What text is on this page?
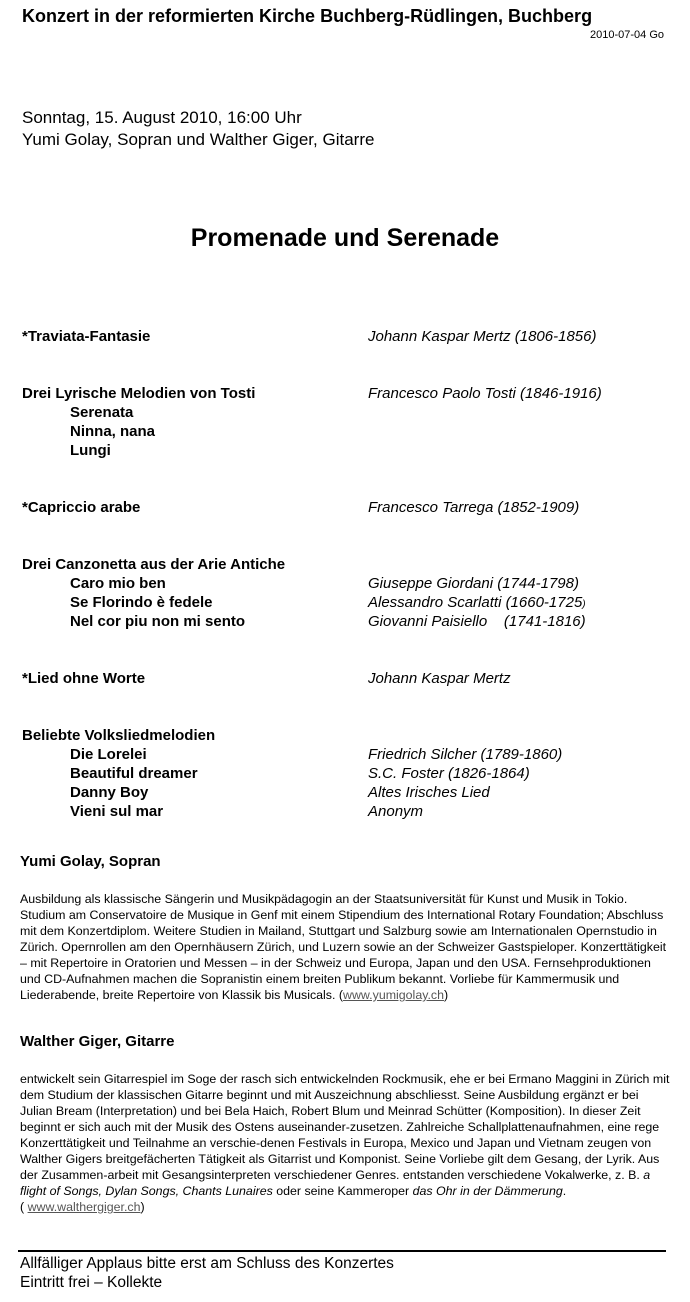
Konzert in der reformierten Kirche Buchberg-Rüdlingen, Buchberg
2010-07-04 Go
Sonntag, 15. August 2010, 16:00 Uhr
Yumi Golay, Sopran und Walther Giger, Gitarre
Promenade und Serenade
*Traviata-Fantasie	Johann Kaspar Mertz (1806-1856)
Drei Lyrische Melodien von Tosti	Francesco Paolo Tosti (1846-1916)
Serenata
Ninna, nana
Lungi
*Capriccio arabe	Francesco Tarrega (1852-1909)
Drei Canzonetta aus der Arie Antiche
Caro mio ben	Giuseppe Giordani (1744-1798)
Se Florindo è fedele	Alessandro Scarlatti (1660-1725)
Nel cor piu non mi sento	Giovanni Paisiello    (1741-1816)
*Lied ohne Worte	Johann Kaspar Mertz
Beliebte Volksliedmelodien
Die Lorelei	Friedrich Silcher (1789-1860)
Beautiful dreamer	S.C. Foster (1826-1864)
Danny Boy	Altes Irisches Lied
Vieni sul mar	Anonym
Yumi Golay, Sopran

Ausbildung als klassische Sängerin und Musikpädagogin an der Staatsuniversität für Kunst und Musik in Tokio. Studium am Conservatoire de Musique in Genf mit einem Stipendium des International Rotary Foundation; Abschluss mit dem Konzertdiplom. Weitere Studien in Mailand, Stuttgart und Salzburg sowie am Internationalen Opernstudio in Zürich. Opernrollen am den Opernhäusern Zürich, und Luzern sowie an der Schweizer Gastspieloper. Konzerttätigkeit – mit Repertoire in Oratorien und Messen – in der Schweiz und Europa, Japan und den USA. Fernsehproduktionen und CD-Aufnahmen machen die Sopranistin einem breiten Publikum bekannt. Vorliebe für Kammermusik und Liederabende, breite Repertoire von Klassik bis Musicals. (www.yumigolay.ch)

Walther Giger, Gitarre

entwickelt sein Gitarrespiel im Soge der rasch sich entwickelnden Rockmusik, ehe er bei Ermano Maggini in Zürich mit dem Studium der klassischen Gitarre beginnt und mit Auszeichnung abschliesst. Seine Ausbildung ergänzt er bei Julian Bream (Interpretation) und bei Bela Haich, Robert Blum und Meinrad Schütter (Komposition). In dieser Zeit beginnt er sich auch mit der Musik des Ostens auseinander-zusetzen. Zahlreiche Schallplattenaufnahmen, eine rege Konzerttätigkeit und Teilnahme an verschie-denen Festivals in Europa, Mexico und Japan und Vietnam zeugen von Walther Gigers breitgefächerten Tätigkeit als Gitarrist und Komponist. Seine Vorliebe gilt dem Gesang, der Lyrik. Aus der Zusammen-arbeit mit Gesangsinterpreten verschiedener Genres. entstanden verschiedene Vokalwerke, z. B. a flight of Songs, Dylan Songs, Chants Lunaires oder seine Kammeroper das Ohr in der Dämmerung.
( www.walthergiger.ch)

Allfälliger Applaus bitte erst am Schluss des Konzertes
Eintritt frei – Kollekte
